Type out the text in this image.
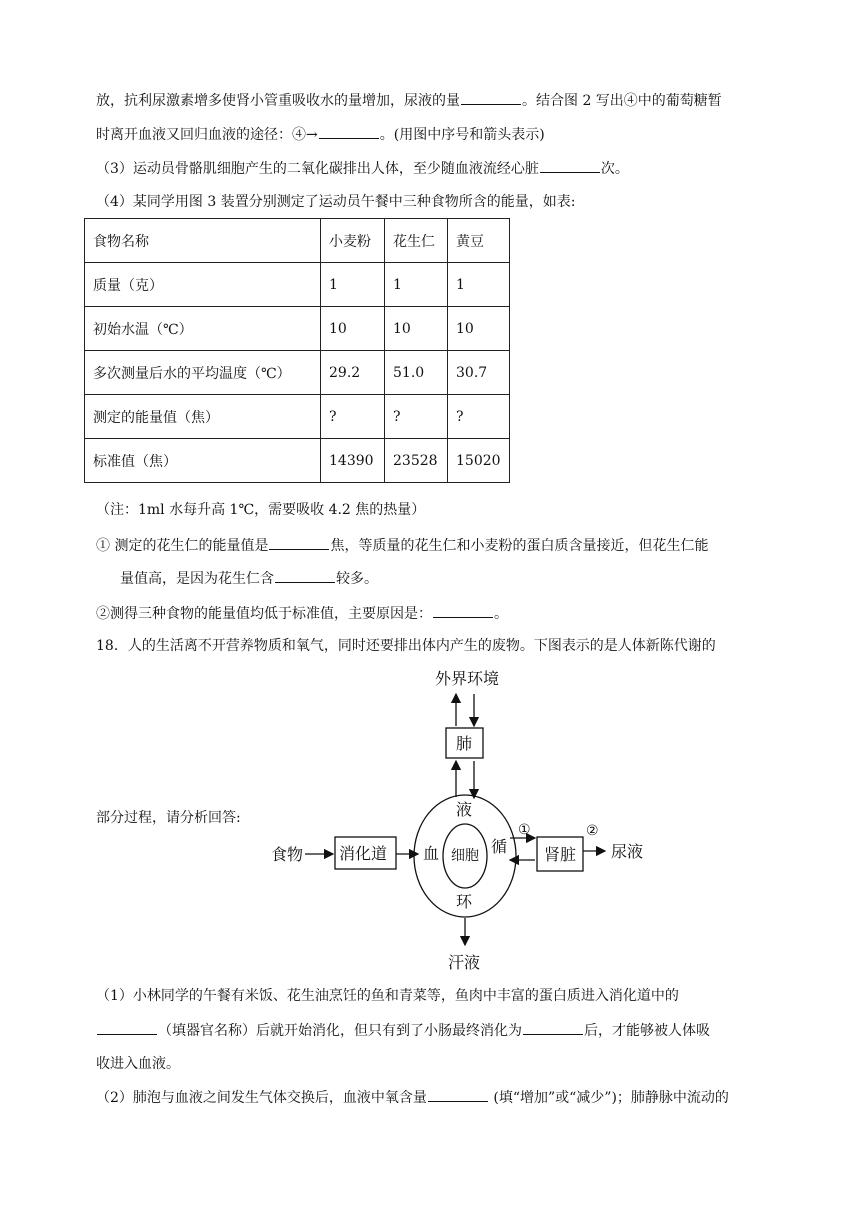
放，抗利尿激素增多使肾小管重吸收水的量增加，尿液的量	。结合图 2 写出④中的葡萄糖暂
时离开血液又回归血液的途径：④→	。(用图中序号和箭头表示)
（3）运动员骨骼肌细胞产生的二氧化碳排出人体，至少随血液流经心脏	次。
（4）某同学用图 3 装置分别测定了运动员午餐中三种食物所含的能量，如表:
食物名称	小麦粉	花生仁	黄豆
质量（克）	1	1	1
初始水温（℃）	10	10	10
多次测量后水的平均温度（℃）	29.2	51.0	30.7
测定的能量值（焦）	?	?	?
标准值（焦）	14390	23528	15020
（注：1ml 水每升高 1℃，需要吸收 4.2 焦的热量）
① 测定的花生仁的能量值是	焦，等质量的花生仁和小麦粉的蛋白质含量接近，但花生仁能
量值高，是因为花生仁含	较多。
②测得三种食物的能量值均低于标准值，主要原因是：	。
18．人的生活离不开营养物质和氧气，同时还要排出体内产生的废物。下图表示的是人体新陈代谢的
部分过程，请分析回答:
外界环境
肺
细胞
液
血	循
环
食物 消化道
①
肾脏
②
尿液
汗液
（1）小林同学的午餐有米饭、花生油烹饪的鱼和青菜等，鱼肉中丰富的蛋白质进入消化道中的
（填器官名称）后就开始消化，但只有到了小肠最终消化为	后，才能够被人体吸
收进入血液。
（2）肺泡与血液之间发生气体交换后，血液中氧含量	(填“增加”或“减少”)；肺静脉中流动的
